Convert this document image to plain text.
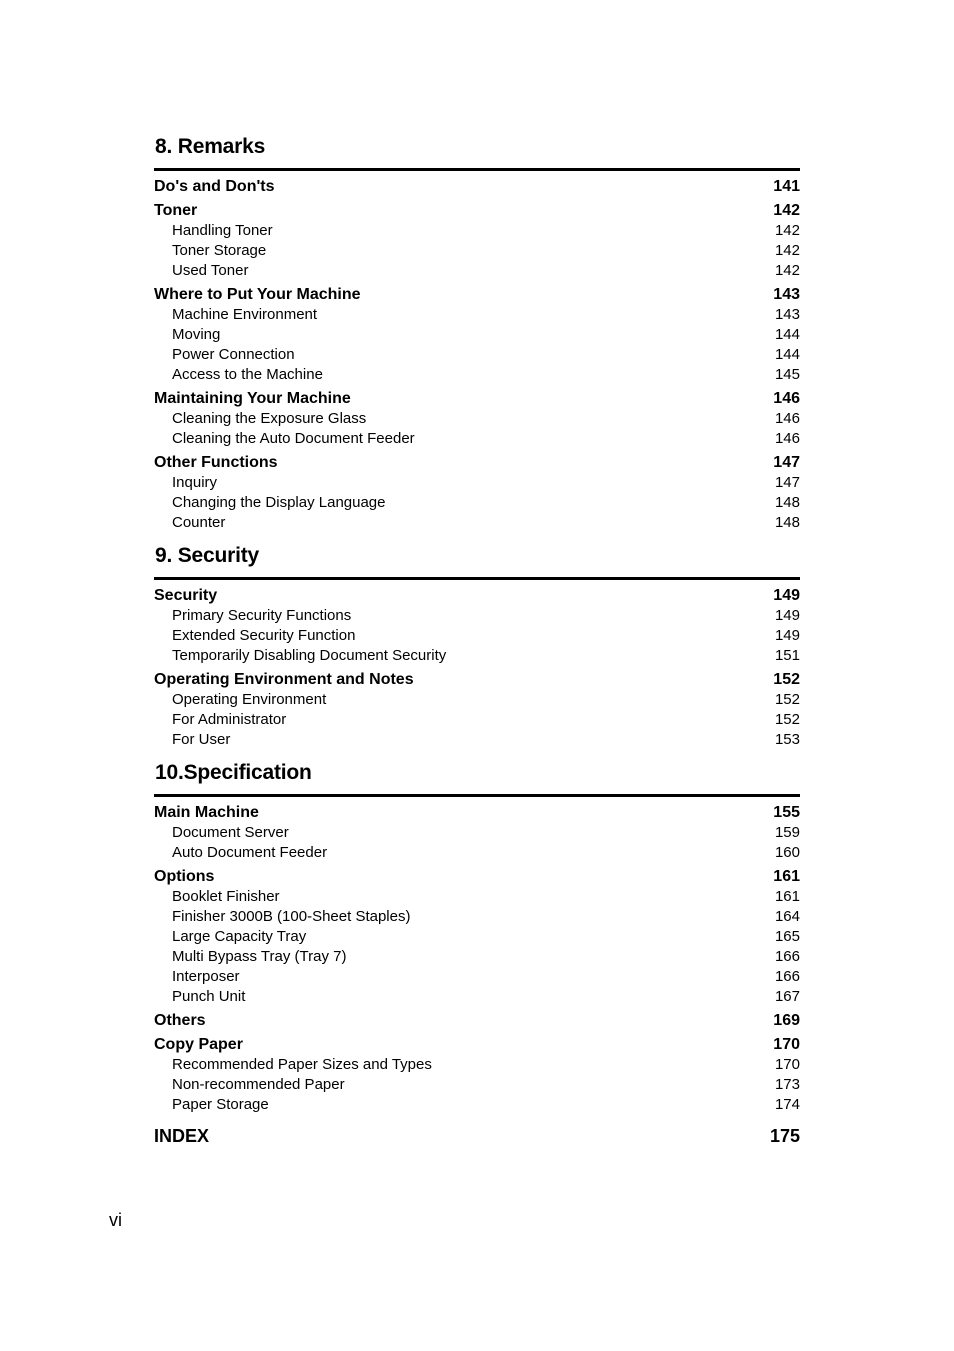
8. Remarks
Do's and Don'ts	141
Toner	142
Handling Toner	142
Toner Storage	142
Used Toner	142
Where to Put Your Machine	143
Machine Environment	143
Moving	144
Power Connection	144
Access to the Machine	145
Maintaining Your Machine	146
Cleaning the Exposure Glass	146
Cleaning the Auto Document Feeder	146
Other Functions	147
Inquiry	147
Changing the Display Language	148
Counter	148
9. Security
Security	149
Primary Security Functions	149
Extended Security Function	149
Temporarily Disabling Document Security	151
Operating Environment and Notes	152
Operating Environment	152
For Administrator	152
For User	153
10.Specification
Main Machine	155
Document Server	159
Auto Document Feeder	160
Options	161
Booklet Finisher	161
Finisher 3000B (100-Sheet Staples)	164
Large Capacity Tray	165
Multi Bypass Tray (Tray 7)	166
Interposer	166
Punch Unit	167
Others	169
Copy Paper	170
Recommended Paper Sizes and Types	170
Non-recommended Paper	173
Paper Storage	174
INDEX	175
vi
